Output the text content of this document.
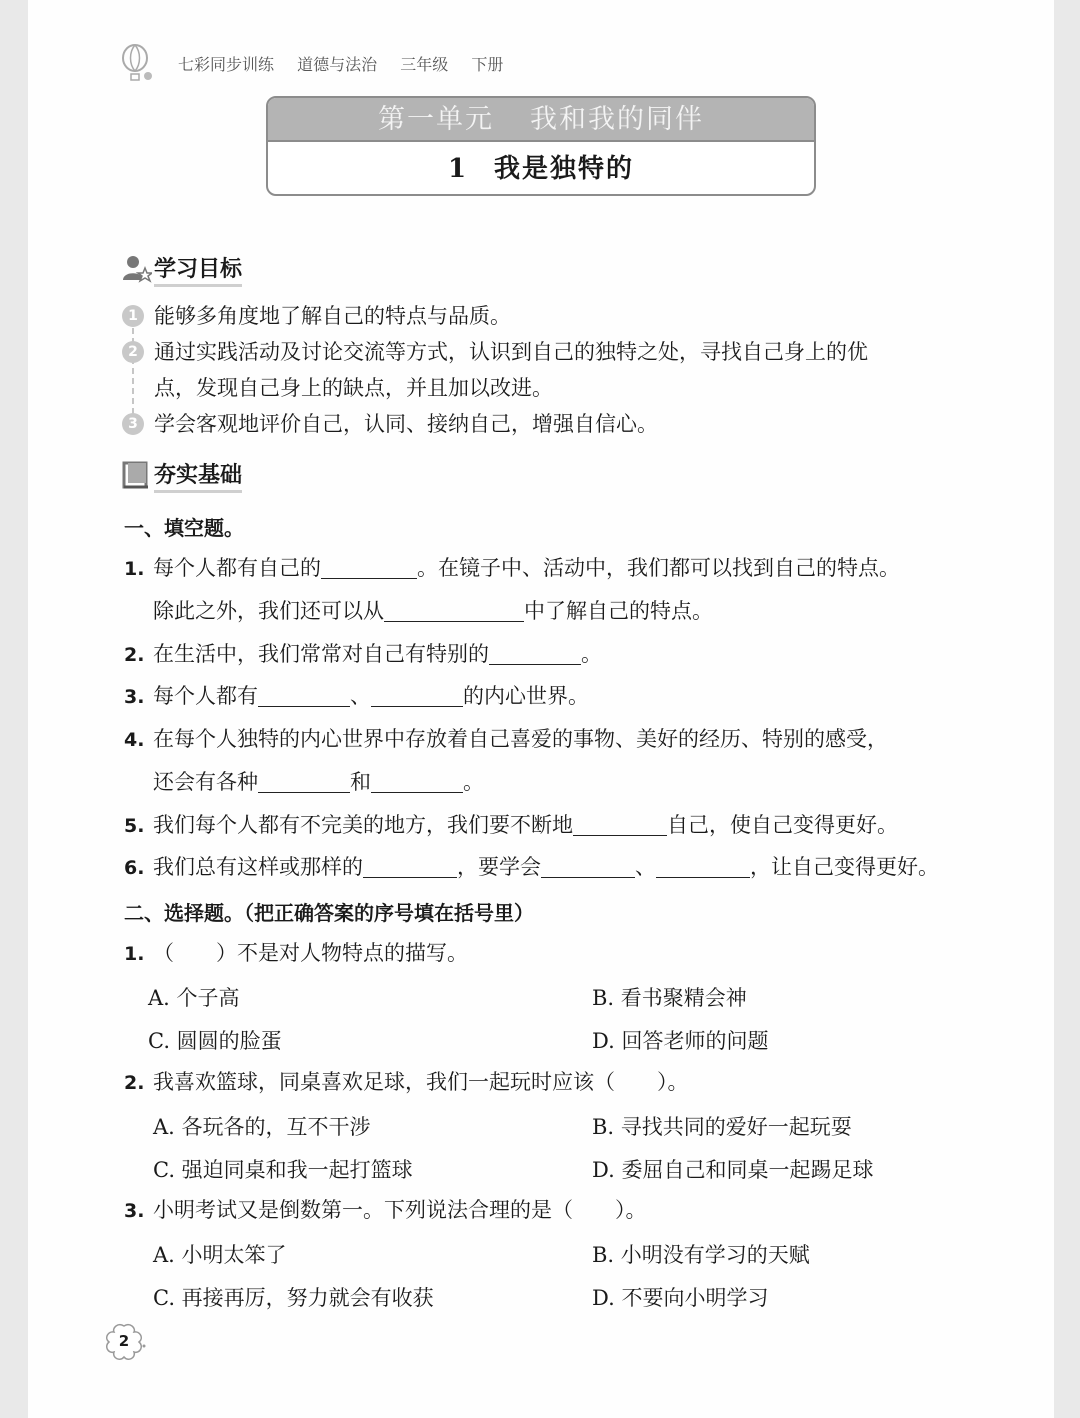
七彩同步训练 道德与法治 三年级 下册
第一单元 我和我的同伴
1 我是独特的
学习目标
1 能够多角度地了解自己的特点与品质。
2 通过实践活动及讨论交流等方式，认识到自己的独特之处，寻找自己身上的优
点，发现自己身上的缺点，并且加以改进。
3 学会客观地评价自己，认同、接纳自己，增强自信心。
夯实基础
一、填空题。
1. 每个人都有自己的	。在镜子中、活动中，我们都可以找到自己的特点。
除此之外，我们还可以从	中了解自己的特点。
2. 在生活中，我们常常对自己有特别的	。
3. 每个人都有	、	的内心世界。
4. 在每个人独特的内心世界中存放着自己喜爱的事物、美好的经历、特别的感受，
还会有各种	和	。
5. 我们每个人都有不完美的地方，我们要不断地	自己，使自己变得更好。
6. 我们总有这样或那样的	，要学会	、	，让自己变得更好。
二、选择题。（把正确答案的序号填在括号里）
1. （　　）不是对人物特点的描写。
A. 个子高	B. 看书聚精会神
C. 圆圆的脸蛋	D. 回答老师的问题
2. 我喜欢篮球，同桌喜欢足球，我们一起玩时应该（　　）。
A. 各玩各的，互不干涉	B. 寻找共同的爱好一起玩耍
C. 强迫同桌和我一起打篮球	D. 委屈自己和同桌一起踢足球
3. 小明考试又是倒数第一。下列说法合理的是（　　）。
A. 小明太笨了	B. 小明没有学习的天赋
C. 再接再厉，努力就会有收获	D. 不要向小明学习
2
